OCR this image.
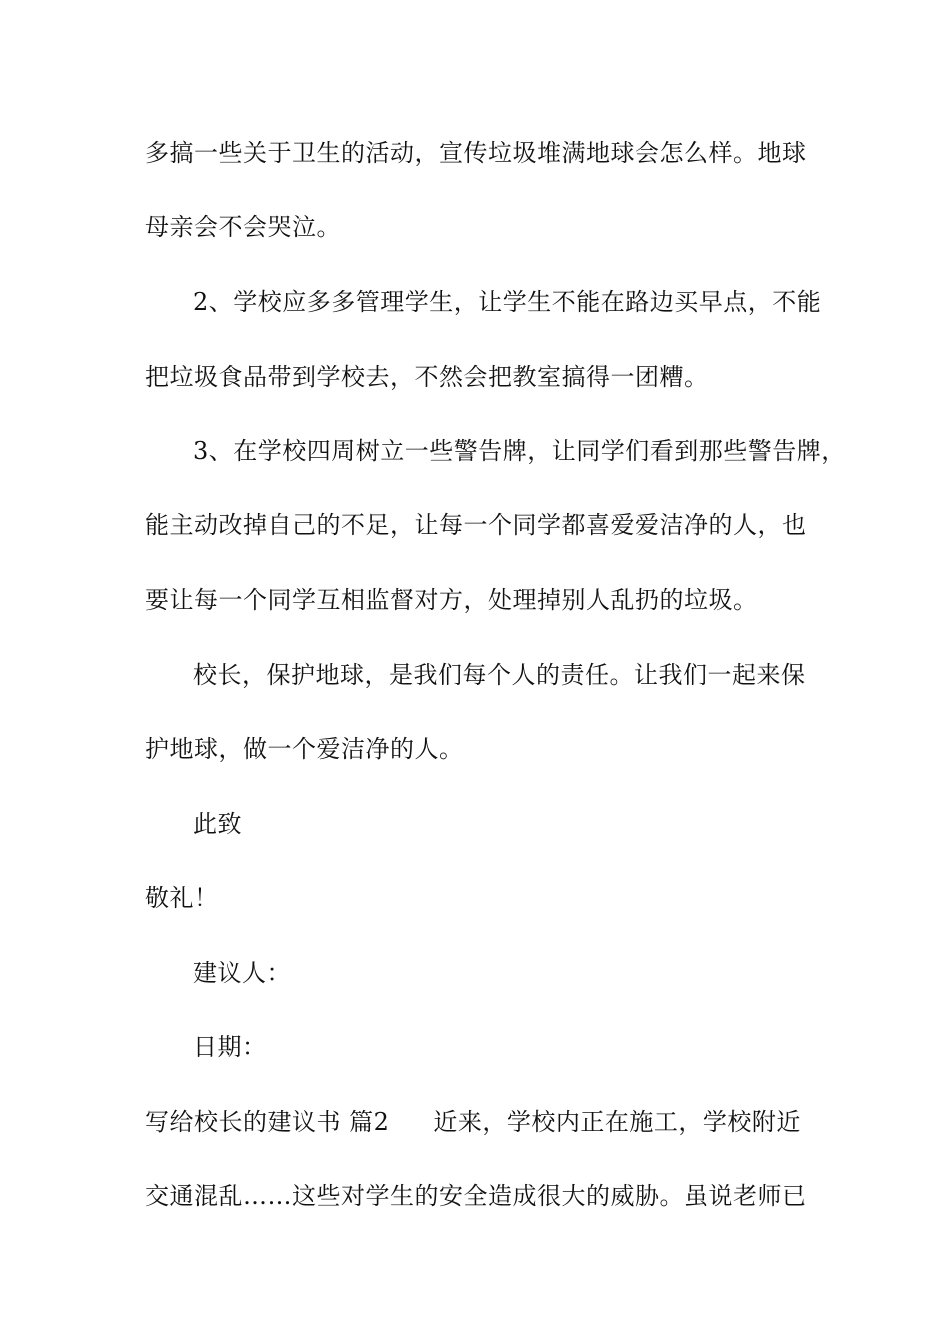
多搞一些关于卫生的活动，宣传垃圾堆满地球会怎么样。地球
母亲会不会哭泣。
2、学校应多多管理学生，让学生不能在路边买早点，不能
把垃圾食品带到学校去，不然会把教室搞得一团糟。
3、在学校四周树立一些警告牌，让同学们看到那些警告牌，
能主动改掉自己的不足，让每一个同学都喜爱爱洁净的人，也
要让每一个同学互相监督对方，处理掉别人乱扔的垃圾。
校长，保护地球，是我们每个人的责任。让我们一起来保
护地球，做一个爱洁净的人。
此致
敬礼！
建议人：
日期：
写给校长的建议书 篇2 近来，学校内正在施工，学校附近
交通混乱……这些对学生的安全造成很大的威胁。虽说老师已
